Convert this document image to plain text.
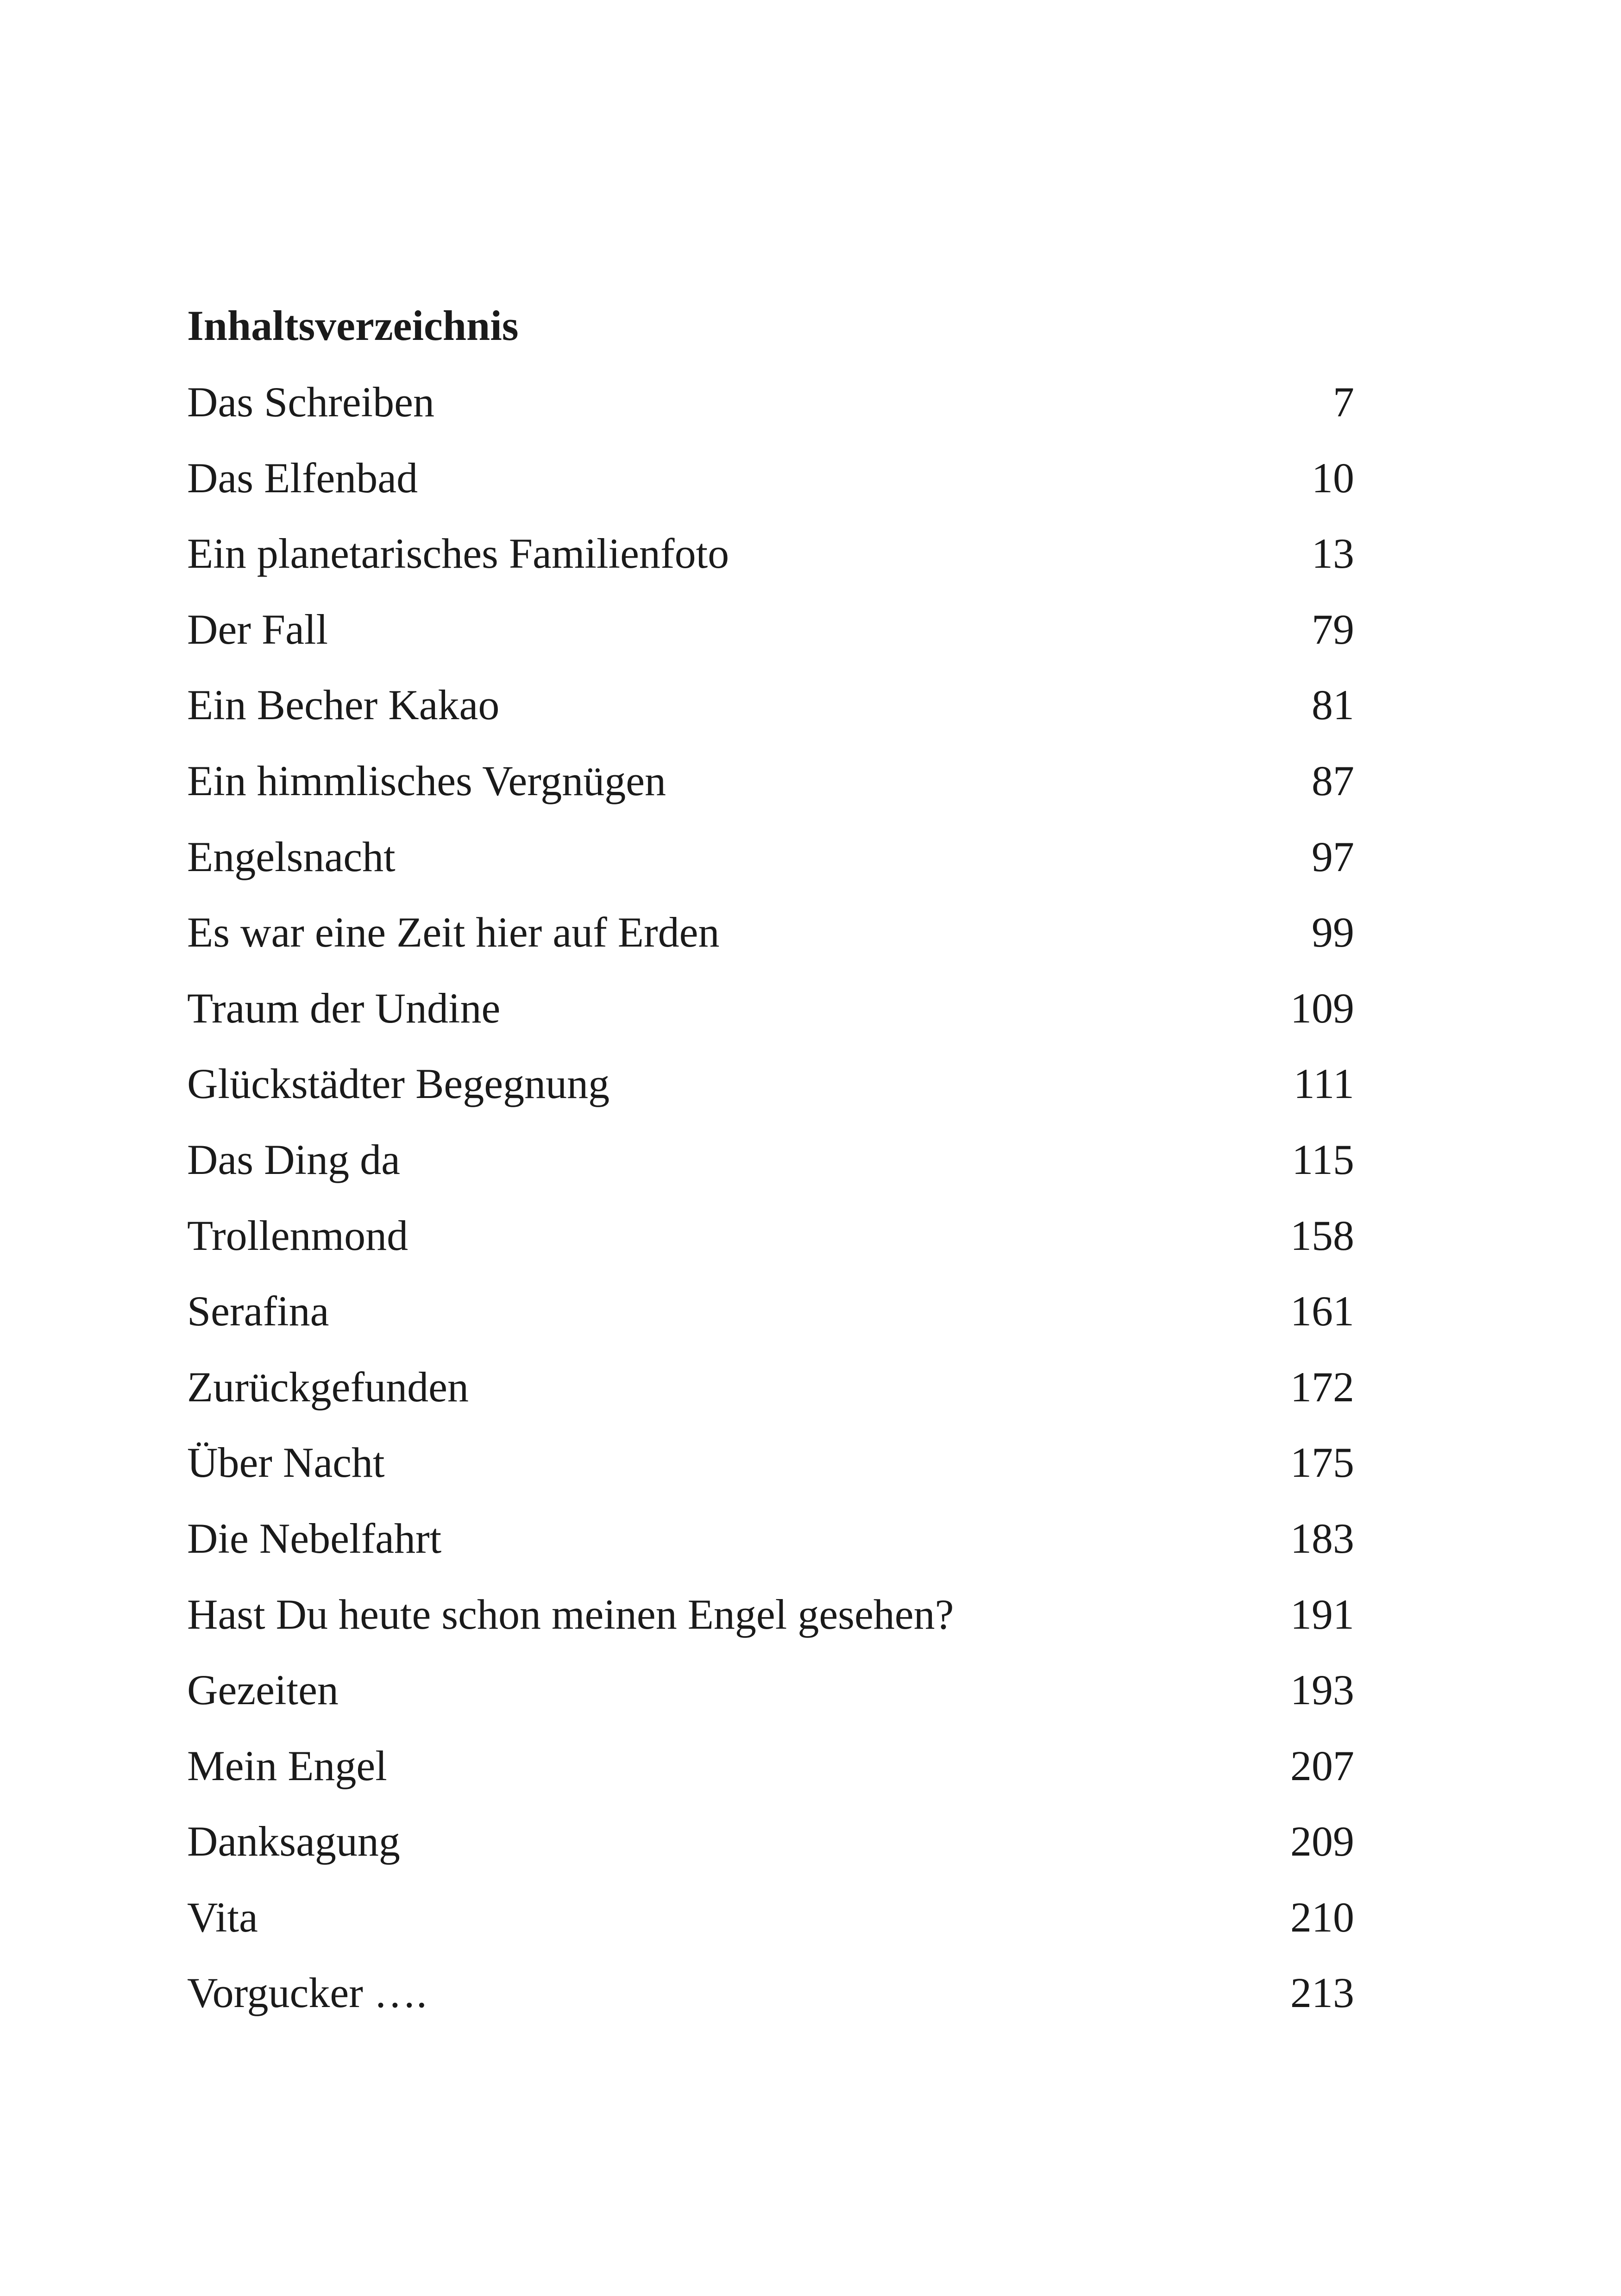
Inhaltsverzeichnis
Das Schreiben	7
Das Elfenbad	10
Ein planetarisches Familienfoto	13
Der Fall	79
Ein Becher Kakao	81
Ein himmlisches Vergnügen	87
Engelsnacht	97
Es war eine Zeit hier auf Erden	99
Traum der Undine	109
Glückstädter Begegnung	111
Das Ding da	115
Trollenmond	158
Serafina	161
Zurückgefunden	172
Über Nacht	175
Die Nebelfahrt	183
Hast Du heute schon meinen Engel gesehen?	191
Gezeiten	193
Mein Engel	207
Danksagung	209
Vita	210
Vorgucker ….	213
